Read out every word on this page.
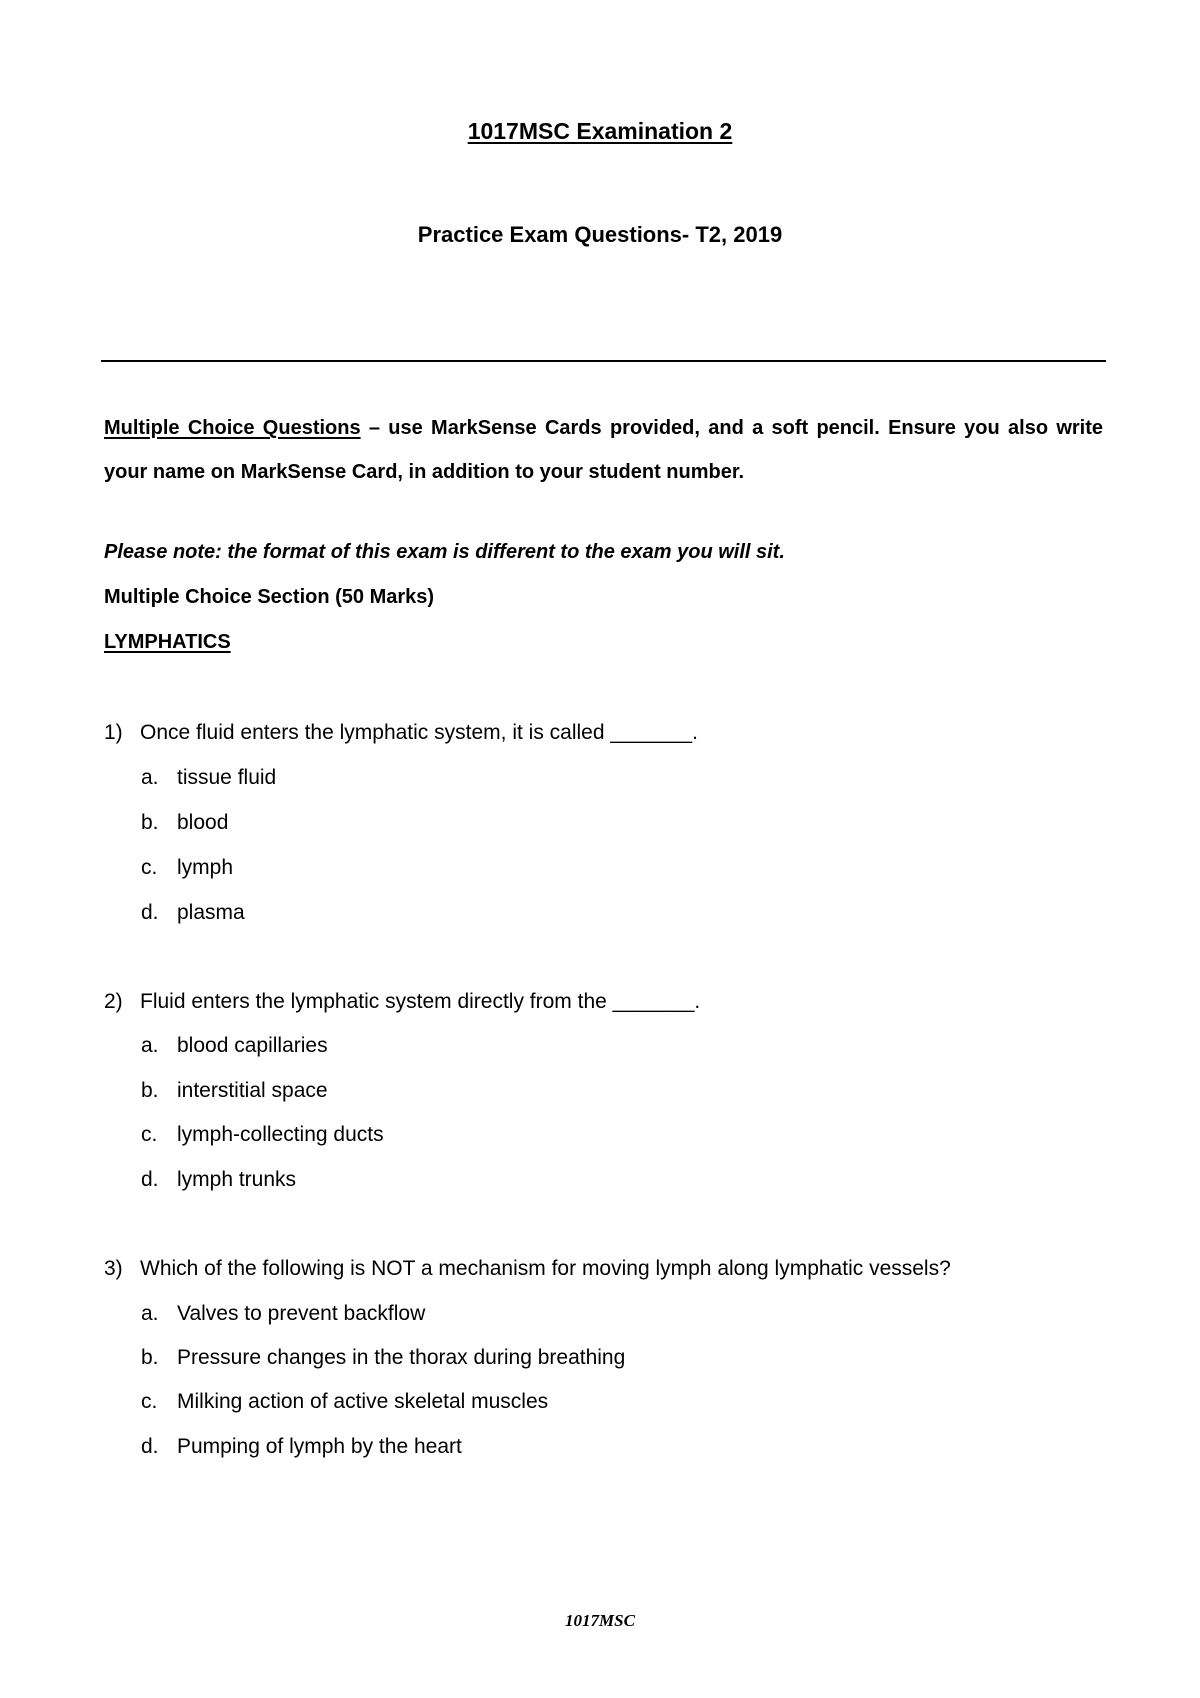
1017MSC Examination 2
Practice Exam Questions- T2, 2019
Multiple Choice Questions – use MarkSense Cards provided, and a soft pencil. Ensure you also write your name on MarkSense Card, in addition to your student number.
Please note: the format of this exam is different to the exam you will sit.
Multiple Choice Section (50 Marks)
LYMPHATICS
1) Once fluid enters the lymphatic system, it is called _______.
a. tissue fluid
b. blood
c. lymph
d. plasma
2) Fluid enters the lymphatic system directly from the _______.
a. blood capillaries
b. interstitial space
c. lymph-collecting ducts
d. lymph trunks
3) Which of the following is NOT a mechanism for moving lymph along lymphatic vessels?
a. Valves to prevent backflow
b. Pressure changes in the thorax during breathing
c. Milking action of active skeletal muscles
d. Pumping of lymph by the heart
1017MSC
